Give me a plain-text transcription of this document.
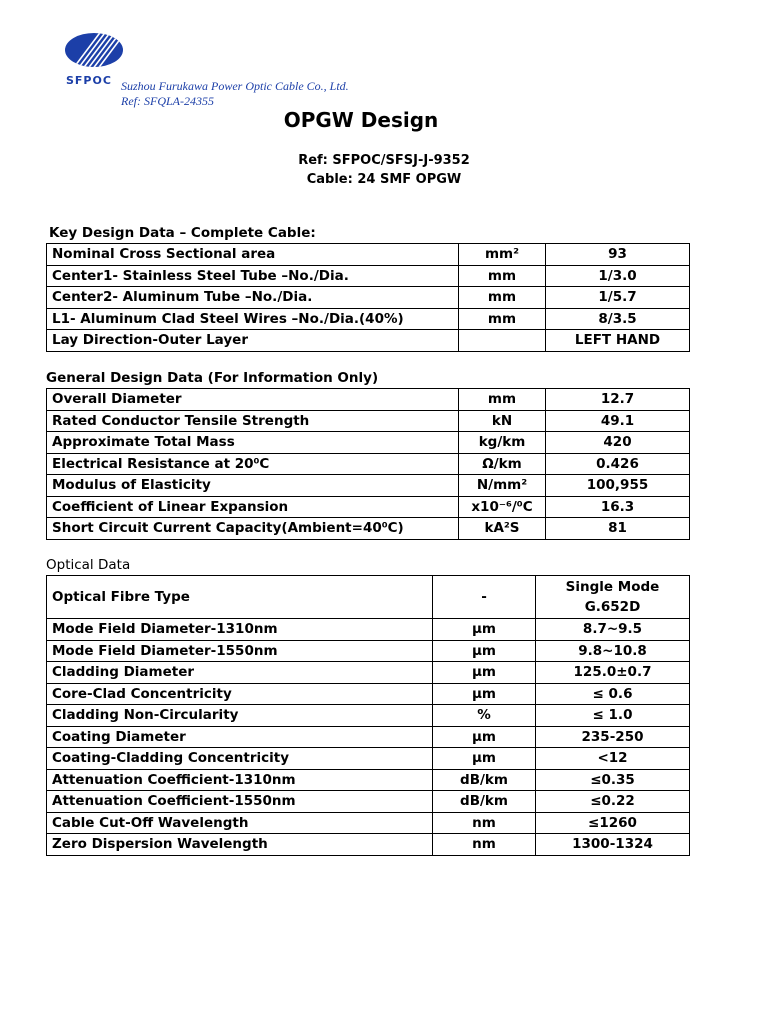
SFPOC Suzhou Furukawa Power Optic Cable Co., Ltd.
Ref: SFQLA-24355
OPGW Design
Ref: SFPOC/SFSJ-J-9352
Cable: 24 SMF OPGW
Key Design Data – Complete Cable:
Nominal Cross Sectional area	mm²	93
Center1- Stainless Steel Tube –No./Dia.	mm	1/3.0
Center2- Aluminum Tube –No./Dia.	mm	1/5.7
L1- Aluminum Clad Steel Wires –No./Dia.(40%)	mm	8/3.5
Lay Direction-Outer Layer		LEFT HAND
General Design Data (For Information Only)
Overall Diameter	mm	12.7
Rated Conductor Tensile Strength	kN	49.1
Approximate Total Mass	kg/km	420
Electrical Resistance at 20⁰C	Ω/km	0.426
Modulus of Elasticity	N/mm²	100,955
Coefficient of Linear Expansion	x10⁻⁶/⁰C	16.3
Short Circuit Current Capacity(Ambient=40⁰C)	kA²S	81
Optical Data
Optical Fibre Type	-	Single Mode G.652D
Mode Field Diameter-1310nm	μm	8.7~9.5
Mode Field Diameter-1550nm	μm	9.8~10.8
Cladding Diameter	μm	125.0±0.7
Core-Clad Concentricity	μm	≤ 0.6
Cladding Non-Circularity	%	≤ 1.0
Coating Diameter	μm	235-250
Coating-Cladding Concentricity	μm	<12
Attenuation Coefficient-1310nm	dB/km	≤0.35
Attenuation Coefficient-1550nm	dB/km	≤0.22
Cable Cut-Off Wavelength	nm	≤1260
Zero Dispersion Wavelength	nm	1300-1324
